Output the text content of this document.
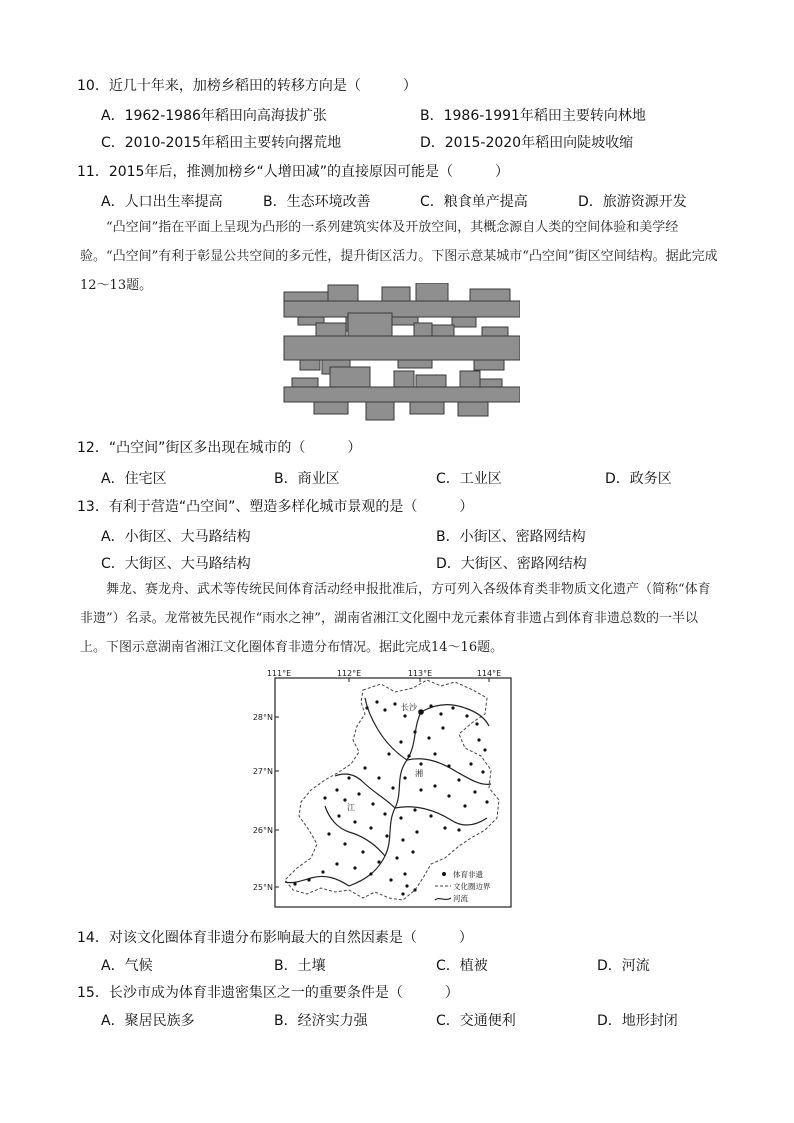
10．近几十年来，加榜乡稻田的转移方向是（　　　）
A．1962-1986年稻田向高海拔扩张	B．1986-1991年稻田主要转向林地
C．2010-2015年稻田主要转向撂荒地	D．2015-2020年稻田向陡坡收缩
11．2015年后，推测加榜乡“人增田减”的直接原因可能是（　　　）
A．人口出生率提高	B．生态环境改善	C．粮食单产提高	D．旅游资源开发

“凸空间”指在平面上呈现为凸形的一系列建筑实体及开放空间，其概念源自人类的空间体验和美学经验。“凸空间”有利于彰显公共空间的多元性，提升街区活力。下图示意某城市“凸空间”街区空间结构。据此完成12～13题。

12．“凸空间”街区多出现在城市的（　　　）
A．住宅区	B．商业区	C．工业区	D．政务区
13．有利于营造“凸空间”、塑造多样化城市景观的是（　　　）
A．小街区、大马路结构	B．小街区、密路网结构
C．大街区、大马路结构	D．大街区、密路网结构

舞龙、赛龙舟、武术等传统民间体育活动经申报批准后，方可列入各级体育类非物质文化遗产（简称“体育非遗”）名录。龙常被先民视作“雨水之神”，湖南省湘江文化圈中龙元素体育非遗占到体育非遗总数的一半以上。下图示意湖南省湘江文化圈体育非遗分布情况。据此完成14～16题。

111°E	112°E	113°E	114°E
28°N
27°N
26°N
25°N
长沙
湘
江
体育非遗
文化圈边界
河流
14．对该文化圈体育非遗分布影响最大的自然因素是（　　　）
A．气候	B．土壤	C．植被	D．河流
15．长沙市成为体育非遗密集区之一的重要条件是（　　　）
A．聚居民族多	B．经济实力强	C．交通便利	D．地形封闭
